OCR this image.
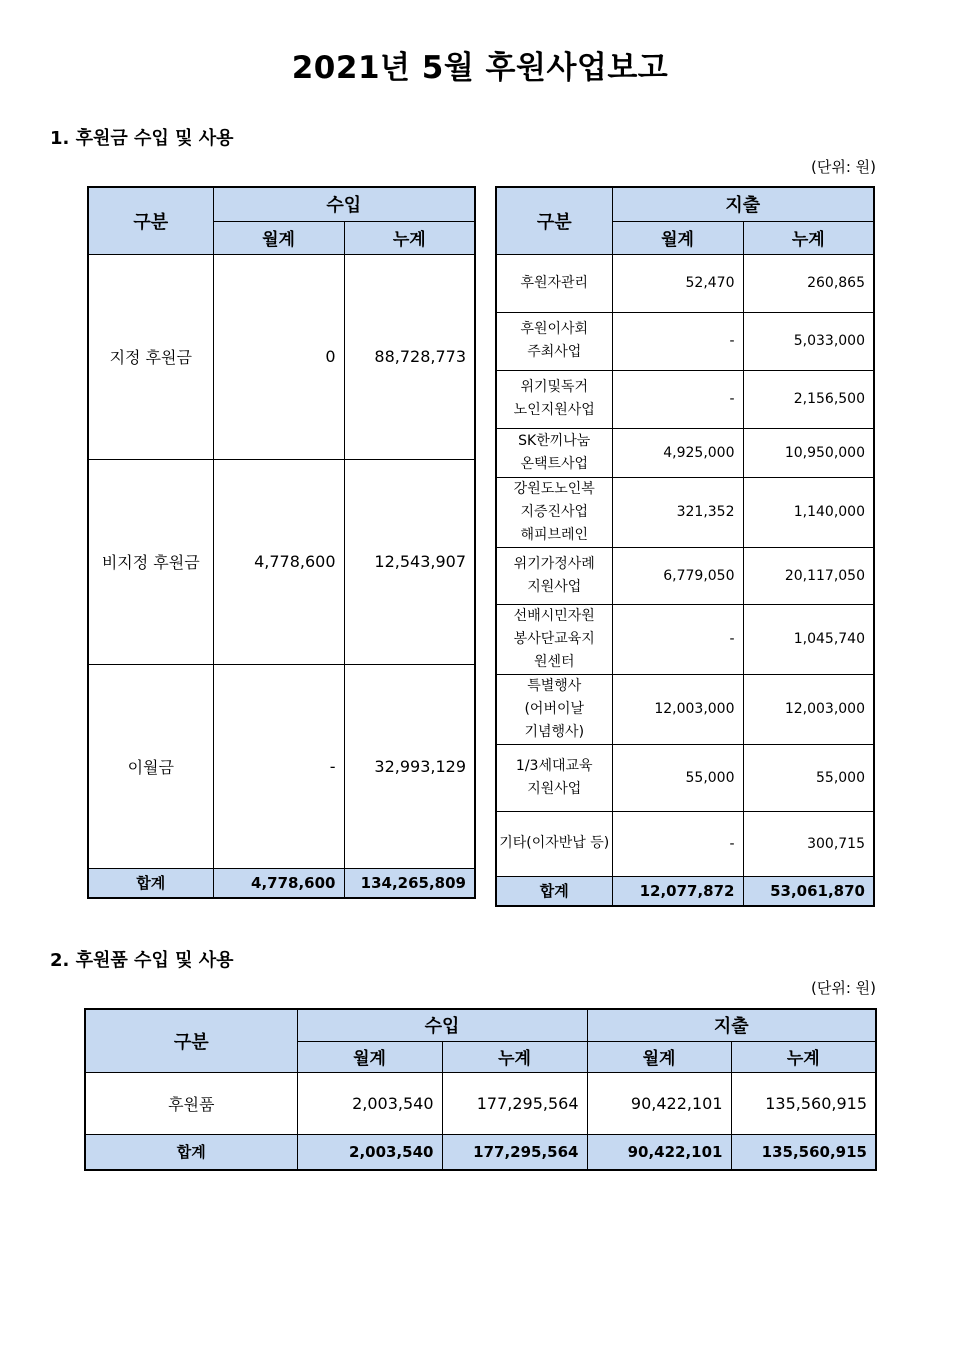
2021년 5월 후원사업보고
1. 후원금 수입 및 사용
(단위: 원)
구분	수입	
	월계	누계
지정 후원금	0	88,728,773
비지정 후원금	4,778,600	12,543,907
이월금	-	32,993,129
합계	4,778,600	134,265,809
구분	지출	
	월계	누계
후원자관리	52,470	260,865
후원이사회
주최사업	-	5,033,000
위기및독거
노인지원사업	-	2,156,500
SK한끼나눔
온택트사업	4,925,000	10,950,000
강원도노인복
지증진사업
해피브레인	321,352	1,140,000
위기가정사례
지원사업	6,779,050	20,117,050
선배시민자원
봉사단교육지
원센터	-	1,045,740
특별행사
(어버이날
기념행사)	12,003,000	12,003,000
1/3세대교육
지원사업	55,000	55,000
기타(이자반납 등)	-	300,715
합계	12,077,872	53,061,870
2. 후원품 수입 및 사용
(단위: 원)
구분	수입		지출	
	월계	누계	월계	누계
후원품	2,003,540	177,295,564	90,422,101	135,560,915
합계	2,003,540	177,295,564	90,422,101	135,560,915
